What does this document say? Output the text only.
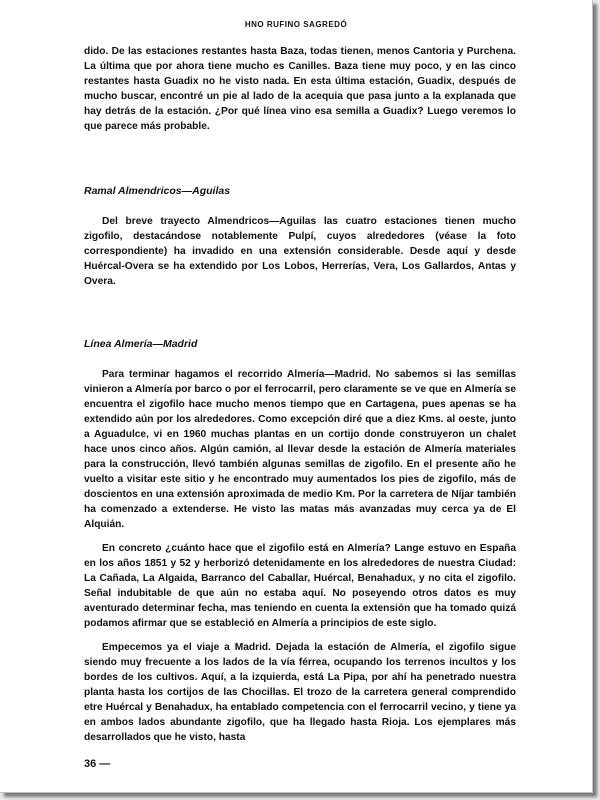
HNO RUFINO SAGREDÓ

dido. De las estaciones restantes hasta Baza, todas tienen, menos Cantoria y Purchena. La última que por ahora tiene mucho es Canilles. Baza tiene muy poco, y en las cinco restantes hasta Guadix no he visto nada. En esta última estación, Guadix, después de mucho buscar, encontré un pie al lado de la acequia que pasa junto a la explanada que hay detrás de la estación. ¿Por qué línea vino esa semilla a Guadix? Luego veremos lo que parece más probable.

Ramal Almendricos—Aguilas

Del breve trayecto Almendricos—Aguilas las cuatro estaciones tienen mucho zigofilo, destacándose notablemente Pulpí, cuyos alrededores (véase la foto correspondiente) ha invadido en una extensión considerable. Desde aquí y desde Huércal-Overa se ha extendido por Los Lobos, Herrerías, Vera, Los Gallardos, Antas y Overa.

Línea Almería—Madrid

Para terminar hagamos el recorrido Almería—Madrid. No sabemos si las semillas vinieron a Almería por barco o por el ferrocarril, pero claramente se ve que en Almería se encuentra el zigofilo hace mucho menos tiempo que en Cartagena, pues apenas se ha extendido aún por los alrededores. Como excepción diré que a diez Kms. al oeste, junto a Aguadulce, vi en 1960 muchas plantas en un cortijo donde construyeron un chalet hace unos cinco años. Algún camión, al llevar desde la estación de Almería materiales para la construcción, llevó también algunas semillas de zigofilo. En el presente año he vuelto a visitar este sitio y he encontrado muy aumentados los pies de zigofilo, más de doscientos en una extensión aproximada de medio Km. Por la carretera de Níjar también ha comenzado a extenderse. He visto las matas más avanzadas muy cerca ya de El Alquián.

En concreto ¿cuánto hace que el zigofilo está en Almería? Lange estuvo en España en los años 1851 y 52 y herborizó detenidamente en los alrededores de nuestra Ciudad: La Cañada, La Algaida, Barranco del Caballar, Huércal, Benahadux, y no cita el zigofilo. Señal indubitable de que aún no estaba aquí. No poseyendo otros datos es muy aventurado determinar fecha, mas teniendo en cuenta la extensión que ha tomado quizá podamos afirmar que se estableció en Almería a principios de este siglo.

Empecemos ya el viaje a Madrid. Dejada la estación de Almería, el zigofilo sigue siendo muy frecuente a los lados de la vía férrea, ocupando los terrenos incultos y los bordes de los cultivos. Aquí, a la izquierda, está La Pipa, por ahí ha penetrado nuestra planta hasta los cortijos de las Chocillas. El trozo de la carretera general comprendido etre Huércal y Benahadux, ha entablado competencia con el ferrocarril vecino, y tiene ya en ambos lados abundante zigofilo, que ha llegado hasta Rioja. Los ejemplares más desarrollados que he visto, hasta

36 —
